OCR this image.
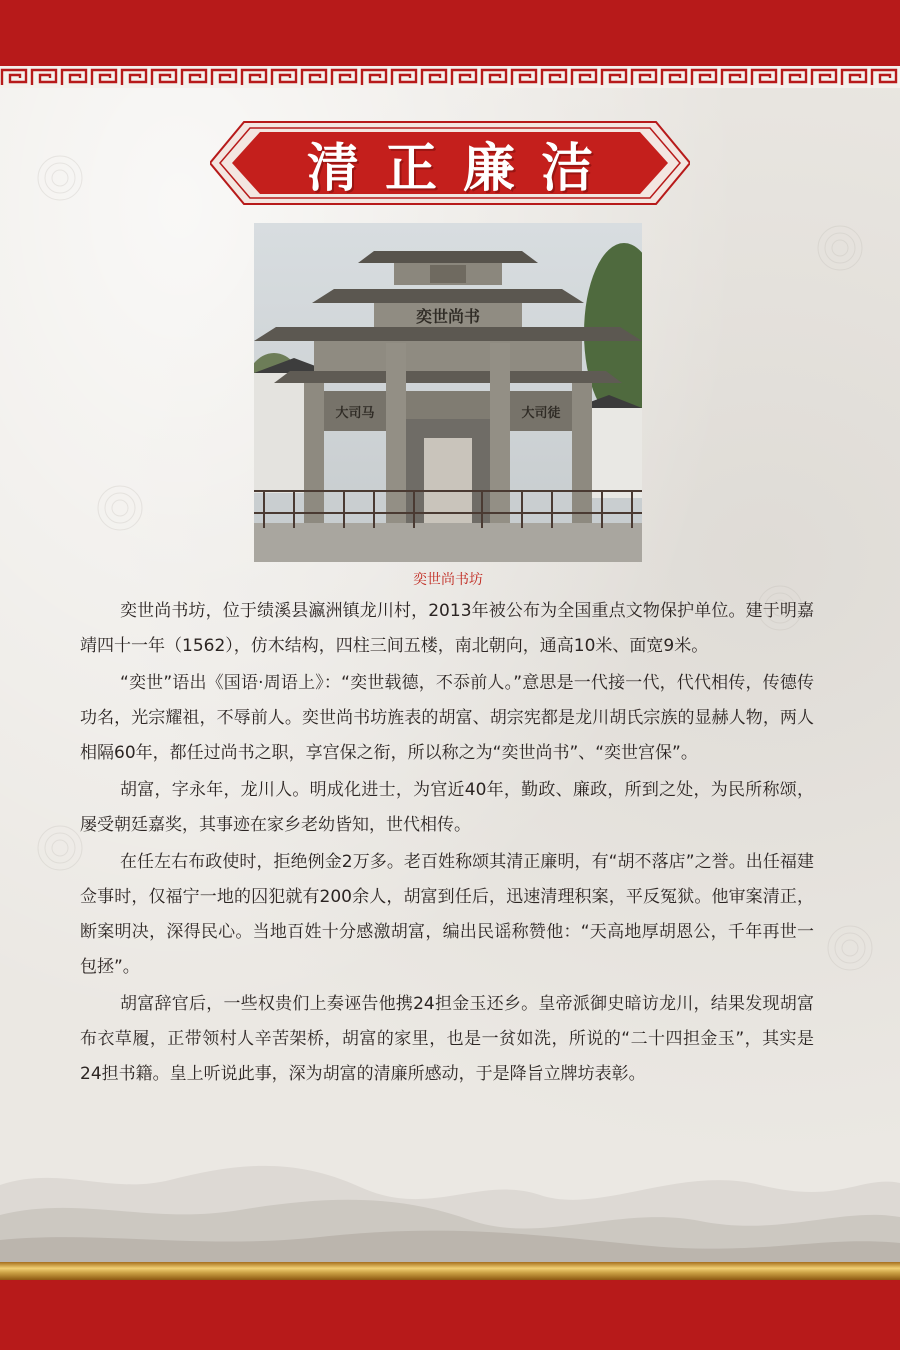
清正廉洁
奕世尚书
大司马	大司徒
奕世尚书坊

奕世尚书坊，位于绩溪县瀛洲镇龙川村，2013年被公布为全国重点文物保护单位。建于明嘉靖四十一年（1562），仿木结构，四柱三间五楼，南北朝向，通高10米、面宽9米。

“奕世”语出《国语·周语上》：“奕世载德，不忝前人。”意思是一代接一代，代代相传，传德传功名，光宗耀祖，不辱前人。奕世尚书坊旌表的胡富、胡宗宪都是龙川胡氏宗族的显赫人物，两人相隔60年，都任过尚书之职，享宫保之衔，所以称之为“奕世尚书”、“奕世宫保”。

胡富，字永年，龙川人。明成化进士，为官近40年，勤政、廉政，所到之处，为民所称颂，屡受朝廷嘉奖，其事迹在家乡老幼皆知，世代相传。

在任左右布政使时，拒绝例金2万多。老百姓称颂其清正廉明，有“胡不落店”之誉。出任福建佥事时，仅福宁一地的囚犯就有200余人，胡富到任后，迅速清理积案，平反冤狱。他审案清正，断案明决，深得民心。当地百姓十分感激胡富，编出民谣称赞他：“天高地厚胡恩公，千年再世一包拯”。

胡富辞官后，一些权贵们上奏诬告他携24担金玉还乡。皇帝派御史暗访龙川，结果发现胡富布衣草履，正带领村人辛苦架桥，胡富的家里，也是一贫如洗，所说的“二十四担金玉”，其实是24担书籍。皇上听说此事，深为胡富的清廉所感动，于是降旨立牌坊表彰。
